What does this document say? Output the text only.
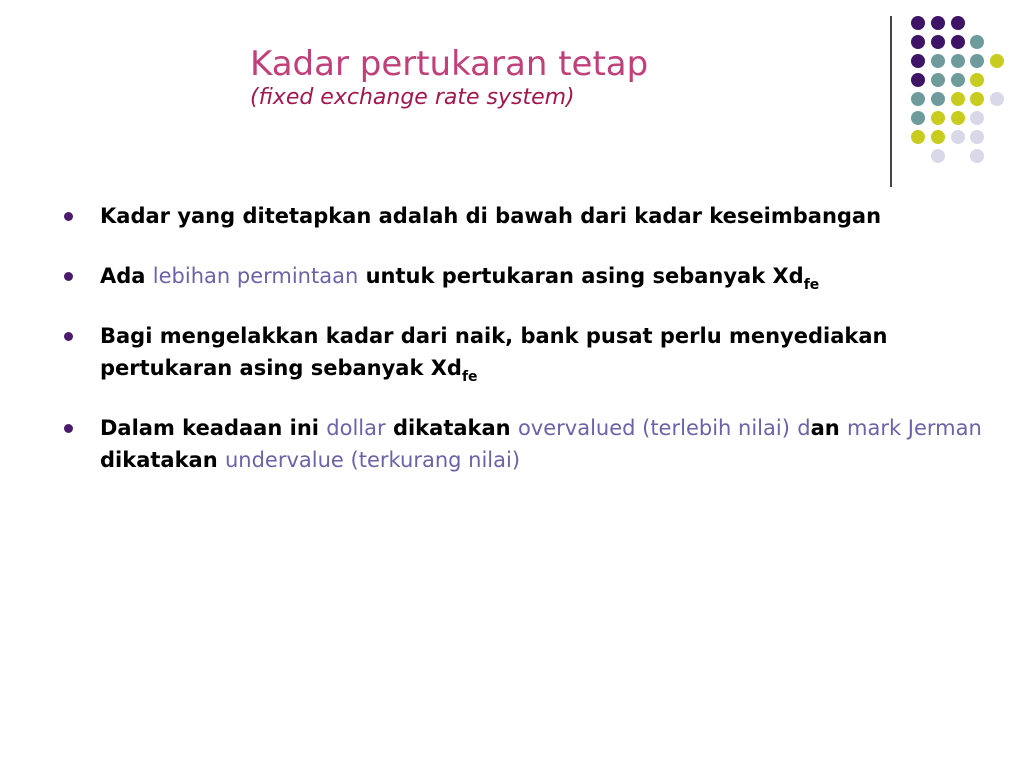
Kadar pertukaran tetap
(fixed exchange rate system)
Kadar yang ditetapkan adalah di bawah dari kadar keseimbangan
Ada lebihan permintaan untuk pertukaran asing sebanyak $Xd_{fe}$
Bagi mengelakkan kadar dari naik, bank pusat perlu menyediakan pertukaran asing sebanyak $Xd_{fe}$
Dalam keadaan ini dollar dikatakan overvalued (terlebih nilai) dan mark Jerman dikatakan undervalue (terkurang nilai)
